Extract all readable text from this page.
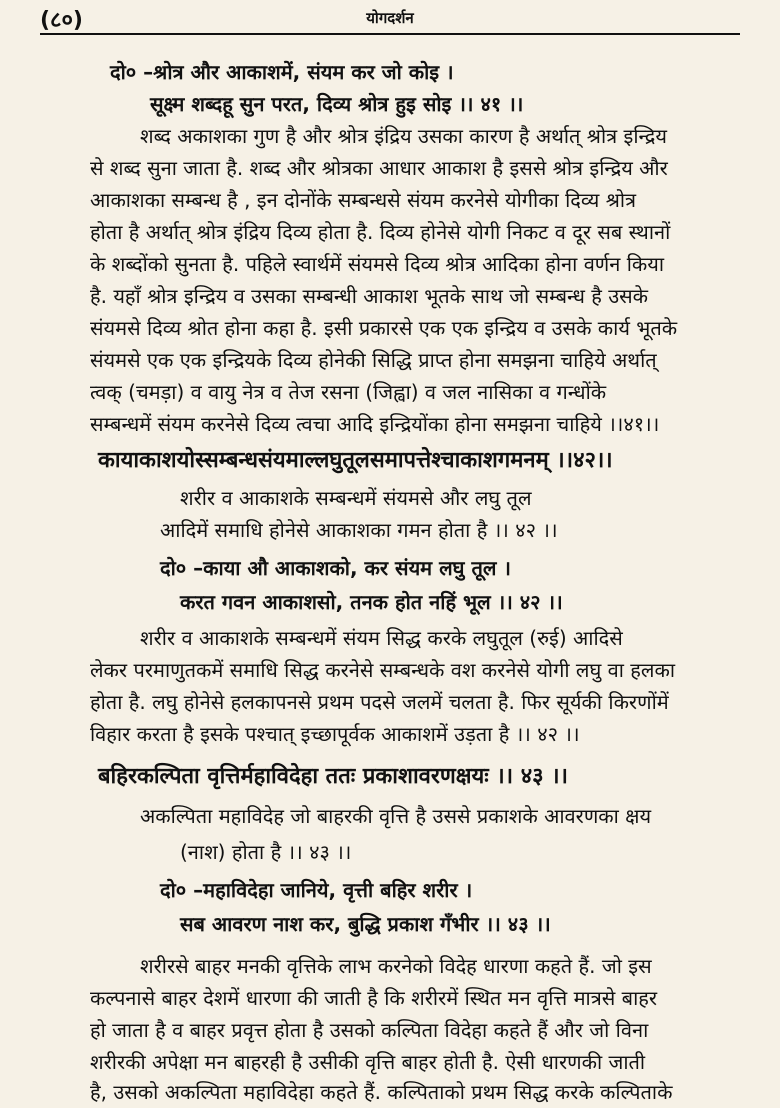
(८०)	योगदर्शन
दो० –श्रोत्र और आकाशमें, संयम कर जो कोइ ।
सूक्ष्म शब्दहू सुन परत, दिव्य श्रोत्र हुइ सोइ ।। ४१ ।।
शब्द अकाशका गुण है और श्रोत्र इंद्रिय उसका कारण है अर्थात् श्रोत्र इन्द्रिय
से शब्द सुना जाता है. शब्द और श्रोत्रका आधार आकाश है इससे श्रोत्र इन्द्रिय और
आकाशका सम्बन्ध है , इन दोनोंके सम्बन्धसे संयम करनेसे योगीका दिव्य श्रोत्र
होता है अर्थात् श्रोत्र इंद्रिय दिव्य होता है. दिव्य होनेसे योगी निकट व दूर सब स्थानों
के शब्दोंको सुनता है. पहिले स्वार्थमें संयमसे दिव्य श्रोत्र आदिका होना वर्णन किया
है. यहाँ श्रोत्र इन्द्रिय व उसका सम्बन्धी आकाश भूतके साथ जो सम्बन्ध है उसके
संयमसे दिव्य श्रोत होना कहा है. इसी प्रकारसे एक एक इन्द्रिय व उसके कार्य भूतके
संयमसे एक एक इन्द्रियके दिव्य होनेकी सिद्धि प्राप्त होना समझना चाहिये अर्थात्
त्वक् (चमड़ा) व वायु नेत्र व तेज रसना (जिह्वा) व जल नासिका व गन्धोंके
सम्बन्धमें संयम करनेसे दिव्य त्वचा आदि इन्द्रियोंका होना समझना चाहिये ।।४१।।
कायाकाशयोस्सम्बन्धसंयमाल्लघुतूलसमापत्तेश्चाकाशगमनम् ।।४२।।
शरीर व आकाशके सम्बन्धमें संयमसे और लघु तूल
आदिमें समाधि होनेसे आकाशका गमन होता है ।। ४२ ।।
दो० –काया औ आकाशको, कर संयम लघु तूल ।
करत गवन आकाशसो, तनक होत नहिं भूल ।। ४२ ।।
शरीर व आकाशके सम्बन्धमें संयम सिद्ध करके लघुतूल (रुई) आदिसे
लेकर परमाणुतकमें समाधि सिद्ध करनेसे सम्बन्धके वश करनेसे योगी लघु वा हलका
होता है. लघु होनेसे हलकापनसे प्रथम पदसे जलमें चलता है. फिर सूर्यकी किरणोंमें
विहार करता है इसके पश्चात् इच्छापूर्वक आकाशमें उड़ता है ।। ४२ ।।
बहिरकल्पिता वृत्तिर्महाविदेहा ततः प्रकाशावरणक्षयः ।। ४३ ।।
अकल्पिता महाविदेह जो बाहरकी वृत्ति है उससे प्रकाशके आवरणका क्षय
(नाश) होता है ।। ४३ ।।
दो० –महाविदेहा जानिये, वृत्ती बहिर शरीर ।
सब आवरण नाश कर, बुद्धि प्रकाश गँभीर ।। ४३ ।।
शरीरसे बाहर मनकी वृत्तिके लाभ करनेको विदेह धारणा कहते हैं. जो इस
कल्पनासे बाहर देशमें धारणा की जाती है कि शरीरमें स्थित मन वृत्ति मात्रसे बाहर
हो जाता है व बाहर प्रवृत्त होता है उसको कल्पिता विदेहा कहते हैं और जो विना
शरीरकी अपेक्षा मन बाहरही है उसीकी वृत्ति बाहर होती है. ऐसी धारणकी जाती
है, उसको अकल्पिता महाविदेहा कहते हैं. कल्पिताको प्रथम सिद्ध करके कल्पिताके
